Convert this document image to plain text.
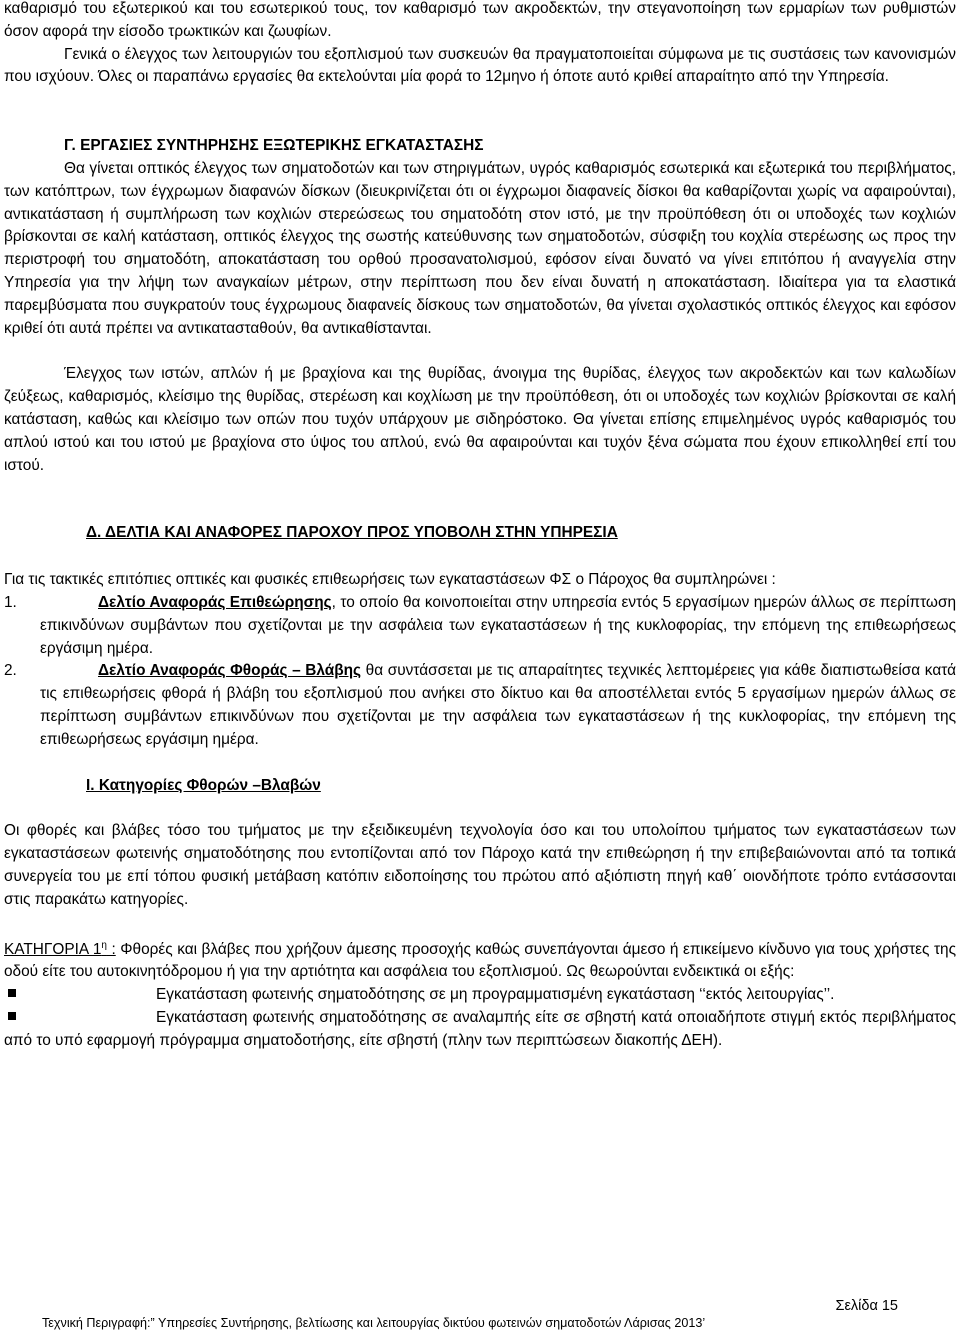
καθαρισμό του εξωτερικού και του εσωτερικού τους, τον καθαρισμό των ακροδεκτών, την στεγανοποίηση των ερμαρίων των ρυθμιστών όσον αφορά την είσοδο τρωκτικών και ζωυφίων.

Γενικά ο έλεγχος των λειτουργιών του εξοπλισμού των συσκευών θα πραγματοποιείται σύμφωνα με τις συστάσεις των κανονισμών που ισχύουν. Όλες οι παραπάνω εργασίες θα εκτελούνται μία φορά το 12μηνο ή όποτε αυτό κριθεί απαραίτητο από την Υπηρεσία.

Γ. ΕΡΓΑΣΙΕΣ ΣΥΝΤΗΡΗΣΗΣ ΕΞΩΤΕΡΙΚΗΣ ΕΓΚΑΤΑΣΤΑΣΗΣ

Θα γίνεται οπτικός έλεγχος των σηματοδοτών και των στηριγμάτων, υγρός καθαρισμός εσωτερικά και εξωτερικά του περιβλήματος, των κατόπτρων, των έγχρωμων διαφανών δίσκων (διευκρινίζεται ότι οι έγχρωμοι διαφανείς δίσκοι θα καθαρίζονται χωρίς να αφαιρούνται), αντικατάσταση ή συμπλήρωση των κοχλιών στερεώσεως του σηματοδότη στον ιστό, με την προϋπόθεση ότι οι υποδοχές των κοχλιών βρίσκονται σε καλή κατάσταση, οπτικός έλεγχος της σωστής κατεύθυνσης των σηματοδοτών, σύσφιξη του κοχλία στερέωσης ως προς την περιστροφή του σηματοδότη, αποκατάσταση του ορθού προσανατολισμού, εφόσον είναι δυνατό να γίνει επιτόπου ή αναγγελία στην Υπηρεσία για την λήψη των αναγκαίων μέτρων, στην περίπτωση που δεν είναι δυνατή η αποκατάσταση. Ιδιαίτερα για τα ελαστικά παρεμβύσματα που συγκρατούν τους έγχρωμους διαφανείς δίσκους των σηματοδοτών, θα γίνεται σχολαστικός οπτικός έλεγχος και εφόσον κριθεί ότι αυτά πρέπει να αντικατασταθούν, θα αντικαθίστανται.

Έλεγχος των ιστών, απλών ή με βραχίονα και της θυρίδας, άνοιγμα της θυρίδας, έλεγχος των ακροδεκτών και των καλωδίων ζεύξεως, καθαρισμός, κλείσιμο της θυρίδας, στερέωση και κοχλίωση με την προϋπόθεση, ότι οι υποδοχές των κοχλιών βρίσκονται σε καλή κατάσταση, καθώς και κλείσιμο των οπών που τυχόν υπάρχουν με σιδηρόστοκο. Θα γίνεται επίσης επιμελημένος υγρός καθαρισμός του απλού ιστού και του ιστού με βραχίονα στο ύψος του απλού, ενώ θα αφαιρούνται και τυχόν ξένα σώματα που έχουν επικολληθεί επί του ιστού.

Δ. ΔΕΛΤΙΑ ΚΑΙ ΑΝΑΦΟΡΕΣ ΠΑΡΟΧΟΥ ΠΡΟΣ ΥΠΟΒΟΛΗ ΣΤΗΝ ΥΠΗΡΕΣΙΑ

Για τις τακτικές επιτόπιες οπτικές και φυσικές επιθεωρήσεις των εγκαταστάσεων ΦΣ ο Πάροχος θα συμπληρώνει :

1.	Δελτίο Αναφοράς Επιθεώρησης, το οποίο θα κοινοποιείται στην υπηρεσία εντός 5 εργασίμων ημερών άλλως σε περίπτωση επικινδύνων συμβάντων που σχετίζονται με την ασφάλεια των εγκαταστάσεων ή της κυκλοφορίας, την επόμενη της επιθεωρήσεως εργάσιμη ημέρα.
2.	Δελτίο Αναφοράς Φθοράς – Βλάβης θα συντάσσεται με τις απαραίτητες τεχνικές λεπτομέρειες για κάθε διαπιστωθείσα κατά τις επιθεωρήσεις φθορά ή βλάβη του εξοπλισμού που ανήκει στο δίκτυο και θα αποστέλλεται εντός 5 εργασίμων ημερών άλλως σε περίπτωση συμβάντων επικινδύνων που σχετίζονται με την ασφάλεια των εγκαταστάσεων ή της κυκλοφορίας, την επόμενη της επιθεωρήσεως εργάσιμη ημέρα.

Ι. Κατηγορίες Φθορών –Βλαβών

Οι φθορές και βλάβες τόσο του τμήματος με την εξειδικευμένη τεχνολογία όσο και του υπολοίπου τμήματος των εγκαταστάσεων των εγκαταστάσεων φωτεινής σηματοδότησης που εντοπίζονται από τον Πάροχο κατά την επιθεώρηση ή την επιβεβαιώνονται από τα τοπικά συνεργεία του με επί τόπου φυσική μετάβαση κατόπιν ειδοποίησης του πρώτου από αξιόπιστη πηγή καθ΄ οιονδήποτε τρόπο εντάσσονται στις παρακάτω κατηγορίες.

ΚΑΤΗΓΟΡΙΑ $1^\eta$ : Φθορές και βλάβες που χρήζουν άμεσης προσοχής καθώς συνεπάγονται άμεσο ή επικείμενο κίνδυνο για τους χρήστες της οδού είτε του αυτοκινητόδρομου ή για την αρτιότητα και ασφάλεια του εξοπλισμού. Ως θεωρούνται ενδεικτικά οι εξής:

Εγκατάσταση φωτεινής σηματοδότησης σε μη προγραμματισμένη εγκατάσταση ‘‘εκτός λειτουργίας’’.
Εγκατάσταση φωτεινής σηματοδότησης σε αναλαμπής είτε σε σβηστή κατά οποιαδήποτε στιγμή εκτός περιβλήματος από το υπό εφαρμογή πρόγραμμα σηματοδοτήσης, είτε σβηστή (πλην των περιπτώσεων διακοπής ΔΕΗ).
Σελίδα 15
Τεχνική Περιγραφή:” Υπηρεσίες Συντήρησης, βελτίωσης και λειτουργίας δικτύου φωτεινών σηματοδοτών Λάρισας 2013’
